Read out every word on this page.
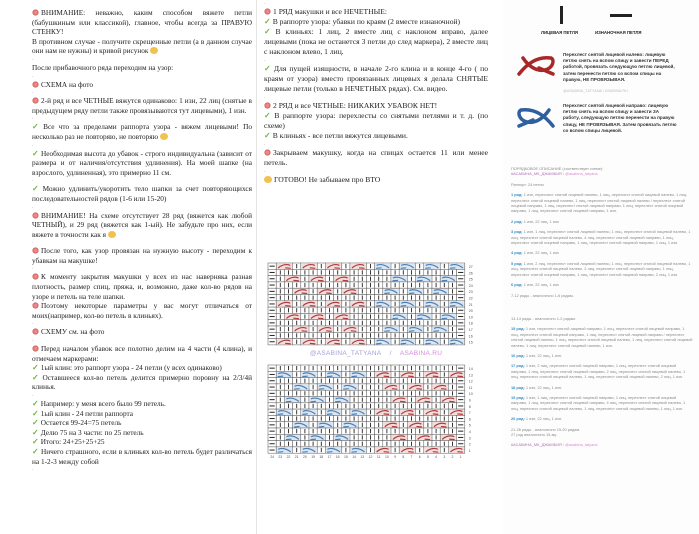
ВНИМАНИЕ: неважно, каким способом вяжете петли (бабушкиным или классикой), главное, чтобы всегда за ПРАВУЮ СТЕНКУ!

В противном случае - получите скрещенные петли (а в данном случае они нам не нужны) и кривой рисунок

.

После прибавочного ряда переходим на узор:

.

СХЕМА на фото

.

2-й ряд и все ЧЕТНЫЕ вяжутся одинаково: 1 изн, 22 лиц (снятые в предыдущем ряду петли также провязываются тут лицевыми), 1 изн.

.

✓ Все что за пределами раппорта узора - вяжем лицевыми! По несколько раз не повторяю, не повторяю

.

✓ Необходимая высота до убавок - строго индивидуальна (зависит от размера и от наличия/отсутствия удлинения). На моей шапке (на взрослого, удлиненная), это примерно 11 см.

.

✓ Можно удлинить/укоротить тело шапки за счет повторяющихся последовательностей рядов (1-6 или 15-20)

.

ВНИМАНИЕ! На схеме отсутствует 28 ряд (вяжется как любой ЧЕТНЫЙ), и 29 ряд (вяжется как 1-ый). Не забудьте про них, если вяжете в точности как я

.

После того, как узор провязан на нужную высоту - переходим к убавкам на макушке!

.

К моменту закрытия макушки у всех из нас наверняка разная плотность, размер спиц, пряжа, и, возможно, даже кол-во рядов на узоре и петель на теле шапки.

Поэтому некоторые параметры у вас могут отличаться от моих(например, кол-во петель в клиньях).

.

СХЕМУ см. на фото

.

Перед началом убавок все полотно делим на 4 части (4 клина), и отмечаем маркерами:

✓ 1ый клин: это раппорт узора - 24 петли (у всех одинаково)

✓ Оставшееся кол-во петель делится примерно поровну на 2/3/4й клинья.

.

✓ Например: у меня всего было 99 петель.

✓ 1ый клин - 24 петли раппорта

✓ Остается 99-24=75 петель

✓ Делю 75 на 3 части: по 25 петель

✓ Итого: 24+25+25+25

✓ Ничего страшного, если в клиньях кол-во петель будет различаться на 1-2-3 между собой

.
.

1 РЯД макушки и все НЕЧЕТНЫЕ:

✓ В раппорте узора: убавки по краям (2 вместе изнаночной)

✓ В клиньях: 1 лиц, 2 вместе лиц с наклоном вправо, далее лицевыми (пока не останется 3 петли до след маркера), 2 вместе лиц с наклоном влево, 1 лиц.

.

✓ Для пущей изящности, в начале 2-го клина и в конце 4-го ( по краям от узора) вместо провязанных лицевых я делала СНЯТЫЕ лицевые петли (только в НЕЧЕТНЫХ рядах). См. видео.

.

2 РЯД и все ЧЕТНЫЕ: НИКАКИХ УБАВОК НЕТ!

✓ В раппорте узора: перехлесты со снятыми петлями и т. д. (по схеме)

✓ В клиньях - все петли вяжутся лицевыми.

.

Закрываем макушку, когда на спицах остается 11 или менее петель.

.

ГОТОВО! Не забываем про ВТО

27
26
25
24
23
22
21
20
19
18
17
16
15
@ASABINA_TATYANA / ASABINA.RU
14
13
12
11
10
9
8
7
6
5
4
3
2
1
24 23 22 21 20 19 18 17 16 15 14 13 12 11 10 9 8 7 6 5 4 3 2 1
ЛИЦЕВАЯ ПЕТЛЯ	ИЗНАНОЧНАЯ ПЕТЛЯ
Перехлест снятой лицевой налево: лицевую петлю снять на вспом спицу и завести ПЕРЕД работой, провязать следующую петлю лицевой, затем перенести петлю со вспом спицы на правую, НЕ ПРОВЯЗЫВАЯ.
@ASABINA_TATYANA / ASABINA.RU
Перехлест снятой лицевой направо: лицевую петлю снять на вспом спицу и завести ЗА работу, следующую петлю перенести на правую спицу, НЕ ПРОВЯЗЫВАЯ. Затем провязать петлю со вспом спицы лицевой.

ПОРЯДКОВОЕ ОПИСАНИЕ (соответствует схеме):
#АСАБИНА_МК_ДЖАМБИЯ / @asabina_tatyana

Раппорт: 24 петли

1 ряд: 1 изн, перехлест снятой лицевой налево, 1 лиц, перехлест снятой лицевой налево, 1 лиц, перехлест снятой лицевой налево, 1 лиц, перехлест снятой лицевой налево / перехлест снятой лицевой направо, 1 лиц, перехлест снятой лицевой направо, 1 лиц, перехлест снятой лицевой направо, 1 лиц, перехлест снятой лицевой направо, 1 изн.

2 ряд: 1 изн, 22 лиц, 1 изн

3 ряд: 1 изн, 1 лиц, перехлест снятой лицевой налево, 1 лиц, перехлест снятой лицевой налево, 1 лиц, перехлест снятой лицевой налево, 4 лиц, перехлест снятой лицевой направо, 1 лиц, перехлест снятой лицевой направо, 1 лиц, перехлест снятой лицевой направо, 1 лиц, 1 изн.

4 ряд: 1 изн, 22 лиц, 1 изн

5 ряд: 1 изн, 2 лиц, перехлест снятой лицевой налево, 1 лиц, перехлест снятой лицевой налево, 1 лиц, перехлест снятой лицевой налево, 2 лиц, перехлест снятой лицевой направо, 1 лиц, перехлест снятой лицевой направо, 1 лиц, перехлест снятой лицевой направо, 2 лиц, 1 изн.

6 ряд: 1 изн, 22 лиц, 1 изн

7-12 ряды - аналогично 1-6 рядам.

13-14 ряды - аналогично 1-2 рядам.

15 ряд: 1 изн, перехлест снятой лицевой направо, 1 лиц, перехлест снятой лицевой направо, 1 лиц, перехлест снятой лицевой направо, 1 лиц, перехлест снятой лицевой направо / перехлест снятой лицевой налево, 1 лиц, перехлест снятой лицевой налево, 1 лиц, перехлест снятой лицевой налево, 1 лиц, перехлест снятой лицевой налево, 1 изн.

16 ряд: 1 изн, 22 лиц, 1 изн.

17 ряд: 1 изн, 2 лиц, перехлест снятой лицевой направо, 1 лиц, перехлест снятой лицевой направо, 1 лиц, перехлест снятой лицевой направо, 2 лиц, перехлест снятой лицевой налево, 1 лиц, перехлест снятой лицевой налево, 1 лиц, перехлест снятой лицевой налево, 2 лиц, 1 изн.

18 ряд: 1 изн, 22 лиц, 1 изн.

19 ряд: 1 изн, 1 лиц, перехлест снятой лицевой направо, 1 лиц, перехлест снятой лицевой направо, 1 лиц, перехлест снятой лицевой направо, 4 лиц, перехлест снятой лицевой налево, 1 лиц, перехлест снятой лицевой налево, 1 лиц, перехлест снятой лицевой налево, 1 лиц, 1 изн.

20 ряд: 1 изн, 22 лиц, 1 изн.

21-26 ряды - аналогично 15-20 рядам.

27 ряд аналогично 15-му.

#АСАБИНА_МК_ДЖАМБИЯ / @asabina_tatyana
